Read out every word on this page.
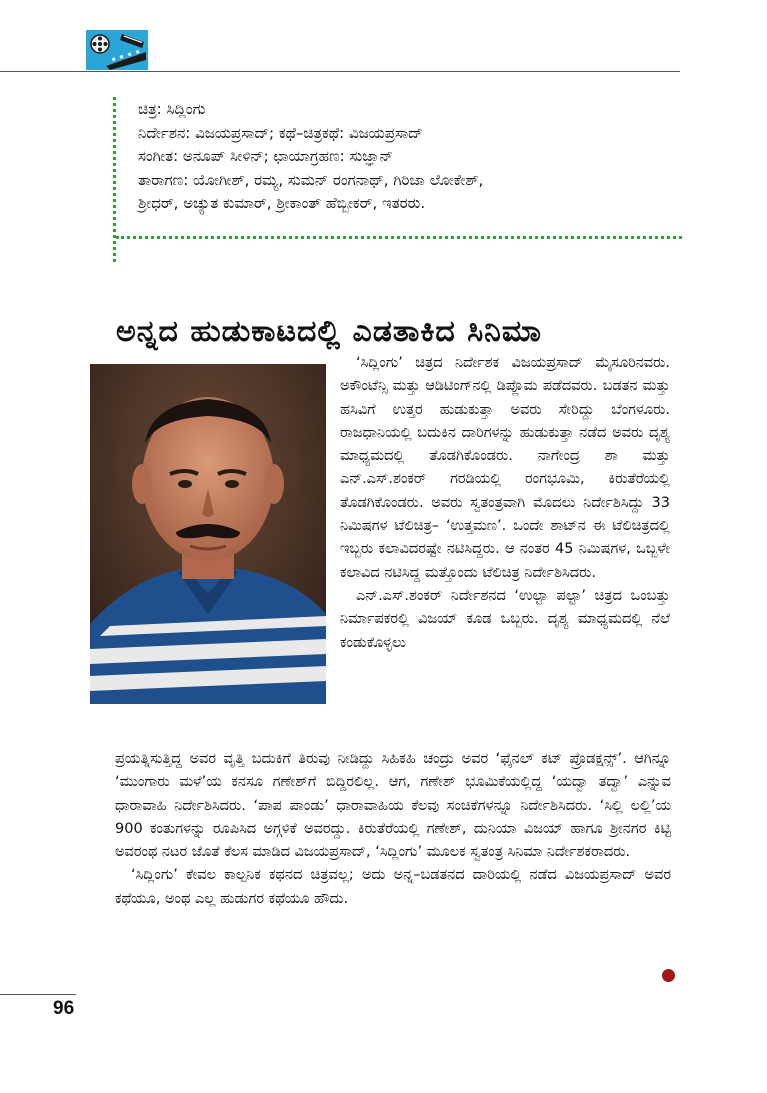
ಚಿತ್ರ: ಸಿದ್ಲಿಂಗು
ನಿರ್ದೇಶನ: ವಿಜಯಪ್ರಸಾದ್; ಕಥೆ–ಚಿತ್ರಕಥೆ: ವಿಜಯಪ್ರಸಾದ್
ಸಂಗೀತ: ಅನೂಪ್ ಸೀಳಿನ್; ಛಾಯಾಗ್ರಹಣ: ಸುಜ್ಞಾನ್
ತಾರಾಗಣ: ಯೋಗೀಶ್, ರಮ್ಯ, ಸುಮನ್ ರಂಗನಾಥ್, ಗಿರಿಜಾ ಲೋಕೇಶ್,
ಶ್ರೀಧರ್, ಅಚ್ಯುತ ಕುಮಾರ್, ಶ್ರೀಕಾಂತ್ ಹೆಬ್ಬೀಕರ್, ಇತರರು.
ಅನ್ನದ ಹುಡುಕಾಟದಲ್ಲಿ ಎಡತಾಕಿದ ಸಿನಿಮಾ

‘ಸಿದ್ಲಿಂಗು’ ಚಿತ್ರದ ನಿರ್ದೇಶಕ ವಿಜಯಪ್ರಸಾದ್ ಮೈಸೂರಿನವರು. ಅಕೌಂಟೆನ್ಸಿ ಮತ್ತು ಆಡಿಟಿಂಗ್‌ನಲ್ಲಿ ಡಿಪ್ಲೊಮ ಪಡೆದವರು. ಬಡತನ ಮತ್ತು ಹಸಿವಿಗೆ ಉತ್ತರ ಹುಡುಕುತ್ತಾ ಅವರು ಸೇರಿದ್ದು ಬೆಂಗಳೂರು. ರಾಜಧಾನಿಯಲ್ಲಿ ಬದುಕಿನ ದಾರಿಗಳನ್ನು ಹುಡುಕುತ್ತಾ ನಡೆದ ಅವರು ದೃಶ್ಯ ಮಾಧ್ಯಮದಲ್ಲಿ ತೊಡಗಿಕೊಂಡರು. ನಾಗೇಂದ್ರ ಶಾ ಮತ್ತು ಎನ್.ಎಸ್.ಶಂಕರ್ ಗರಡಿಯಲ್ಲಿ ರಂಗಭೂಮಿ, ಕಿರುತೆರೆಯಲ್ಲಿ ತೊಡಗಿಕೊಂಡರು. ಅವರು ಸ್ವತಂತ್ರವಾಗಿ ಮೊದಲು ನಿರ್ದೇಶಿಸಿದ್ದು 33 ನಿಮಿಷಗಳ ಟೆಲಿಚಿತ್ರ– ‘ಉತ್ತಮಣ’. ಒಂದೇ ಶಾಟ್‌ನ ಈ ಟೆಲಿಚಿತ್ರದಲ್ಲಿ ಇಬ್ಬರು ಕಲಾವಿದರಷ್ಟೇ ನಟಿಸಿದ್ದರು. ಆ ನಂತರ 45 ನಿಮಿಷಗಳ, ಒಬ್ಬಳೇ ಕಲಾವಿದ ನಟಿಸಿದ್ದ ಮತ್ತೊಂದು ಟೆಲಿಚಿತ್ರ ನಿರ್ದೇಶಿಸಿದರು.

ಎನ್.ಎಸ್.ಶಂಕರ್ ನಿರ್ದೇಶನದ ‘ಉಲ್ಟಾ ಪಲ್ಟಾ’ ಚಿತ್ರದ ಒಂಬತ್ತು ನಿರ್ಮಾಪಕರಲ್ಲಿ ವಿಜಯ್ ಕೂಡ ಒಬ್ಬರು. ದೃಶ್ಯ ಮಾಧ್ಯಮದಲ್ಲಿ ನೆಲೆ ಕಂಡುಕೊಳ್ಳಲು

ಪ್ರಯತ್ನಿಸುತ್ತಿದ್ದ ಅವರ ವೃತ್ತಿ ಬದುಕಿಗೆ ತಿರುವು ನೀಡಿದ್ದು ಸಿಹಿಕಹಿ ಚಂದ್ರು ಅವರ ‘ಫೈನಲ್ ಕಟ್ ಪ್ರೊಡಕ್ಷನ್ಸ್’. ಆಗಿನ್ನೂ ‘ಮುಂಗಾರು ಮಳೆ’ಯ ಕನಸೂ ಗಣೇಶ್‌ಗೆ ಬಿದ್ದಿರಲಿಲ್ಲ. ಆಗ, ಗಣೇಶ್ ಭೂಮಿಕೆಯಲ್ಲಿದ್ದ ‘ಯದ್ವಾ ತದ್ವಾ’ ಎನ್ನುವ ಧಾರಾವಾಹಿ ನಿರ್ದೇಶಿಸಿದರು. ‘ಪಾಪ ಪಾಂಡು’ ಧಾರಾವಾಹಿಯ ಕೆಲವು ಸಂಚಿಕೆಗಳನ್ನೂ ನಿರ್ದೇಶಿಸಿದರು. ‘ಸಿಲ್ಲಿ ಲಲ್ಲಿ’ಯ 900 ಕಂತುಗಳನ್ನು ರೂಪಿಸಿದ ಅಗ್ಗಳಿಕೆ ಅವರದ್ದು. ಕಿರುತೆರೆಯಲ್ಲಿ ಗಣೇಶ್, ದುನಿಯಾ ವಿಜಯ್ ಹಾಗೂ ಶ್ರೀನಗರ ಕಿಟ್ಟಿ ಅವರಂಥ ನಟರ ಜೊತೆ ಕೆಲಸ ಮಾಡಿದ ವಿಜಯಪ್ರಸಾದ್, ‘ಸಿದ್ಲಿಂಗು’ ಮೂಲಕ ಸ್ವತಂತ್ರ ಸಿನಿಮಾ ನಿರ್ದೇಶಕರಾದರು.

‘ಸಿದ್ಲಿಂಗು’ ಕೇವಲ ಕಾಲ್ಪನಿಕ ಕಥನದ ಚಿತ್ರವಲ್ಲ; ಅದು ಅನ್ನ–ಬಡತನದ ದಾರಿಯಲ್ಲಿ ನಡೆದ ವಿಜಯಪ್ರಸಾದ್ ಅವರ ಕಥೆಯೂ, ಅಂಥ ಎಲ್ಲ ಹುಡುಗರ ಕಥೆಯೂ ಹೌದು.

96
